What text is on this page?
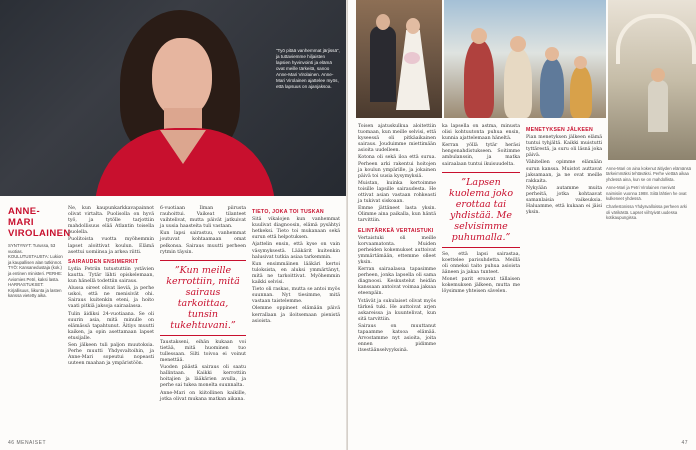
”Työ pitää vanhemmat järjissä”, ja tuttaviemme hiljaisten lapsien hyvinvointi ja elämä ovat meille tärkeitä, sanoo Anne-Mari Virolainen. Anne-Mari Virolainen ajattelee myös, että lapsuus on ajanjaksoa.

ANNE-MARI VIROLAINEN

SYNTYNYT: Turussa, 53 vuotias. KOULUTUSTAUSTA: Lukion ja kaupallisen alan tutkinnot. TYÖ: Kansanedustaja (kok.) ja entinen ministeri. PERHE: Aviomies Petri, kaksi lasta. HARRASTUKSET: Kirjallisuus, liikunta ja lasten kanssa vietetty aika.

Ne, kun kaupunkarkkavapainnot olivat virtalta. Puolisolla on hyvä työ, ja tytölle tarjottiin mahdollisuus elää Atlantin toisella puolella.

Puolitoista vuotta myöhemmin lapset aloittivat koulun. Elämä asettui uomiinsa ja arkea riitti.

SAIRAUDEN ENSIMERKIT

Lydia Petriin tutustuttiin ystävien kautta. Tytär lähti opiskelemaan, kun hänellä todettiin sairaus.

Alussa oireet olivat lieviä, ja perhe uskoi, että ne menisivät ohi. Sairaus kuitenkin eteni, ja hoito vaati pitkiä jaksoja sairaalassa.

Tulin äidiksi 24-vuotiaana. Se oli suurin asia, mitä minulle on elämässä tapahtunut. Äitiys muutti kaiken, ja opin asettamaan lapset etusijalle.

Sen jälkeen tuli paljon muutoksia. Perhe muutti Yhdysvaltoihin, ja Anne-Mari sopeutui nopeasti uuteen maahan ja ympäristöön.

6-vuotiaan Ilman piirusta rauhoittui. Vaikeat tilanteet vaihtelivat, mutta päivät jatkuivat ja uusia haasteita tuli vastaan.

Kun lapsi sairastuu, vanhemmat joutuvat kohtaamaan omat pelkonsa. Sairaus muutti perheen rytmin täysin.

”Kun meille kerrottiin, mitä sairaus tarkoittaa, tunsin tukehtuvani.”

Taustakseni, eihän kukaan voi tietää, mitä huominen tuo tullessaan. Silti toivoa ei voinut menettää.

Vuoden päästä sairaus oli saatu hallintaan. Kaikki kerrottiin hoitajien ja lääkärien avulla, ja perhe sai tukea monelta suunnalta.

Anne-Mari on kiitollinen kaikille, jotka olivat mukana matkan aikana.

TIETO, JOKA TOI TUSKAN

Sitä vikalojen kun vanhemmat kuulivat diagnoosin, elämä pysähtyi hetkeksi. Tieto toi mukanaan sekä surun että helpotuksen.

Ajattelin ensin, että kyse on vain väsymyksestä. Lääkärit kuitenkin halusivat tutkia asiaa tarkemmin.

Kun ensimmäinen lääkäri kertoi tuloksista, en aluksi ymmärtänyt, mitä ne tarkoittivat. Myöhemmin kaikki selvisi.

Tieto oli raskas, mutta se antoi myös suunnan. Nyt tiesimme, mitä vastaan taistelemme.

Olemme oppineet elämään päivä kerrallaan ja iloitsemaan pienistä asioista.

46 MENAISET

Toisen ajatuskulkua aloitettiin tuomaan, kun meille selvisi, että kyseessä oli pitkäaikainen sairaus. Jouduimme miettimään asioita uudelleen.

Kotona oli sekä iloa että surua. Perheen arki rakentui hoitojen ja koulun ympärille, ja jokainen päivä toi uusia kysymyksiä.

Muistan, kuinka kertoimme toisille lapsille sairaudesta. He ottivat asian vastaan rohkeasti ja tukivat siskoaan.

Emme jättäneet lasta yksin. Olimme aina paikalla, kun häntä tarvittiin.

ELINTÄRKEÄ VERTAISTUKI

Vertaistuki oli meille korvaamatonta. Muiden perheiden kokemukset auttoivat ymmärtämään, ettemme olleet yksin.

Kerran sairaalassa tapasimme perheen, jonka lapsella oli sama diagnoosi. Keskustelut heidän kanssaan antoivat voimaa jaksaa eteenpäin.

Ystävät ja sukulaiset olivat myös tärkeä tuki. He auttoivat arjen askareissa ja kuuntelivat, kun sitä tarvittiin.

Sairaus on muuttanut tapaamme katsoa elämää. Arvostamme nyt asioita, joita ennen pidimme itsestäänselvyyksinä.

ka lapsella on astma, minusta olisi kohtuutonta puhua ensin, kunnia ajattelemaan häneltä.

Kerran yöllä tytär heräsi hengenahdistukseen. Soitimme ambulanssin, ja matka sairaalaan tuntui ikuisuudelta.

”Lapsen kuolema joko erottaa tai yhdistää. Me selvisimme puhumalla.”

Se, että lapsi sairastaa, koettelee parisuhdetta. Meillä oli onneksi taito puhua asioista ääneen ja jakaa tunteet.

Monet parit eroavat tällaisen kokemuksen jälkeen, mutta me löysimme yhteisen sävelen.

MENETYKSEN JÄLKEEN

Pian menetyksen jälkeen elämä tuntui tyhjältä. Kaikki muistutti tyttärestä, ja suru oli läsnä joka päivä.

Vähitellen opimme elämään surun kanssa. Muistot auttavat jaksamaan, ja ne ovat meille rakkaita.

Nykyään autamme muita perheitä, jotka kohtaavat samanlaisia vaikeuksia. Haluamme, että kukaan ei jäisi yksin.

Anne-Mari on aina kokenut äitiyden elämänsä tärkeimmäksi tehtäväksi. Perhe viettää aikaa yhdessä aina, kun se on mahdollista.

Anne-Mari ja Petri Virolainen menivät naimisiin vuonna 1988. Siitä lähtien he ovat kulkeneet yhdessä.

Charlestonissa Yhdysvalloissa perheen arki oli värikästä. Lapset viihtyivät uudessa kotikaupungissa.

47
